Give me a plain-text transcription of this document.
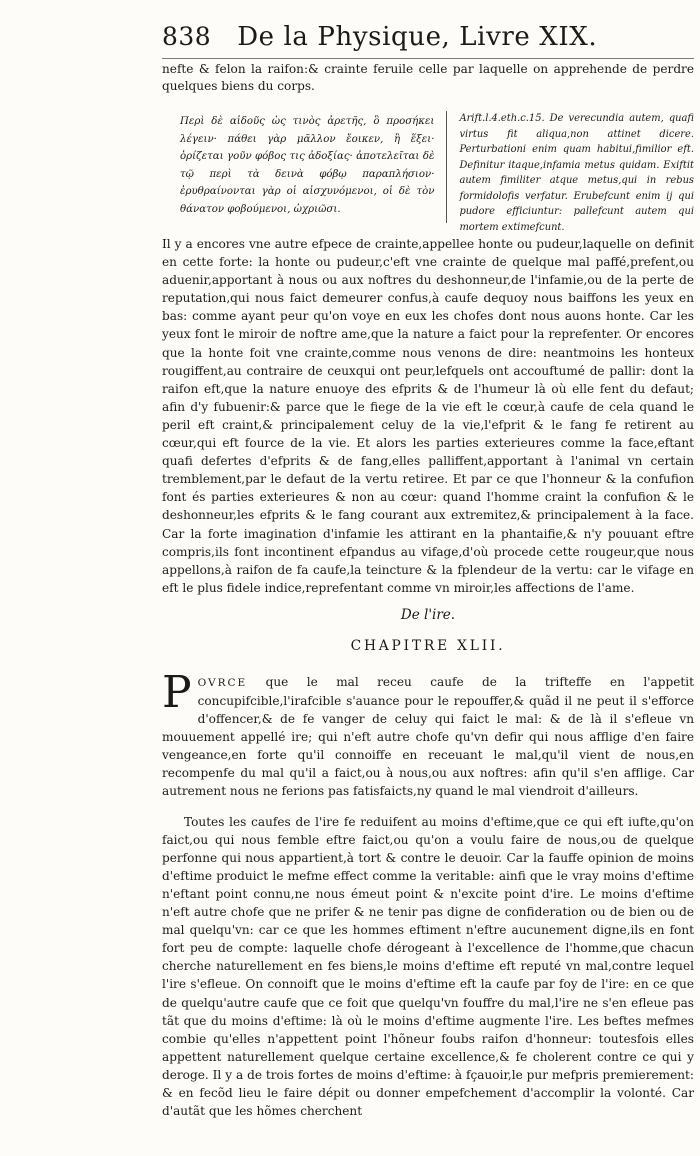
838 De la Physique, Livre XIX.

nefte & felon la raifon:& crainte feruile celle par laquelle on apprehende de perdre quelques biens du corps.

Περὶ δὲ αἰδοῦς ὡς τινὸς ἀρετῆς, ὃ προσήκει λέγειν· πάθει γὰρ μᾶλλον ἔοικεν, ἢ ἕξει· ὁρίζεται γοῦν φόβος τις ἀδοξίας· ἀποτελεῖται δὲ τῷ περὶ τὰ δεινὰ φόβῳ παραπλήσιον· ἐρυθραίνονται γὰρ οἱ αἰσχυνόμενοι, οἱ δὲ τὸν θάνατον φοβούμενοι, ὠχριῶσι.
Arift.l.4.eth.c.15. De verecundia autem, quafi virtus fit aliqua,non attinet dicere. Perturbationi enim quam habitui,fimilior eft. Definitur itaque,infamia metus quidam. Exiftit autem fimiliter atque metus,qui in rebus formidolofis verfatur. Erubefcunt enim ij qui pudore efficiuntur: pallefcunt autem qui mortem extimefcunt.

Il y a encores vne autre efpece de crainte,appellee honte ou pudeur,laquelle on definit en cette forte: la honte ou pudeur,c'eft vne crainte de quelque mal paffé,prefent,ou aduenir,apportant à nous ou aux noftres du deshonneur,de l'infamie,ou de la perte de reputation,qui nous faict demeurer confus,à caufe dequoy nous baiffons les yeux en bas: comme ayant peur qu'on voye en eux les chofes dont nous auons honte. Car les yeux font le miroir de noftre ame,que la nature a faict pour la reprefenter. Or encores que la honte foit vne crainte,comme nous venons de dire: neantmoins les honteux rougiffent,au contraire de ceuxqui ont peur,lefquels ont accouftumé de pallir: dont la raifon eft,que la nature enuoye des efprits & de l'humeur là où elle fent du defaut; afin d'y fubuenir:& parce que le fiege de la vie eft le cœur,à caufe de cela quand le peril eft craint,& principalement celuy de la vie,l'efprit & le fang fe retirent au cœur,qui eft fource de la vie. Et alors les parties exterieures comme la face,eftant quafi defertes d'efprits & de fang,elles palliffent,apportant à l'animal vn certain tremblement,par le defaut de la vertu retiree. Et par ce que l'honneur & la confufion font és parties exterieures & non au cœur: quand l'homme craint la confufion & le deshonneur,les efprits & le fang courant aux extremitez,& principalement à la face. Car la forte imagination d'infamie les attirant en la phantaifie,& n'y pouuant eftre compris,ils font incontinent efpandus au vifage,d'où procede cette rougeur,que nous appellons,à raifon de fa caufe,la teincture & la fplendeur de la vertu: car le vifage en eft le plus fidele indice,reprefentant comme vn miroir,les affections de l'ame.

De l'ire.
CHAPITRE XLII.

P OVRCE que le mal receu caufe de la trifteffe en l'appetit concupifcible,l'irafcible s'auance pour le repouffer,& quãd il ne peut il s'efforce d'offencer,& de fe vanger de celuy qui faict le mal: & de là il s'efleue vn mouuement appellé ire; qui n'eft autre chofe qu'vn defir qui nous afflige d'en faire vengeance,en forte qu'il connoiffe en receuant le mal,qu'il vient de nous,en recompenfe du mal qu'il a faict,ou à nous,ou aux noftres: afin qu'il s'en afflige. Car autrement nous ne ferions pas fatisfaicts,ny quand le mal viendroit d'ailleurs.

Toutes les caufes de l'ire fe reduifent au moins d'eftime,que ce qui eft iufte,qu'on faict,ou qui nous femble eftre faict,ou qu'on a voulu faire de nous,ou de quelque perfonne qui nous appartient,à tort & contre le deuoir. Car la fauffe opinion de moins d'eftime produict le mefme effect comme la veritable: ainfi que le vray moins d'eftime n'eftant point connu,ne nous émeut point & n'excite point d'ire. Le moins d'eftime n'eft autre chofe que ne prifer & ne tenir pas digne de confideration ou de bien ou de mal quelqu'vn: car ce que les hommes eftiment n'eftre aucunement digne,ils en font fort peu de compte: laquelle chofe dérogeant à l'excellence de l'homme,que chacun cherche naturellement en fes biens,le moins d'eftime eft reputé vn mal,contre lequel l'ire s'efleue. On connoift que le moins d'eftime eft la caufe par foy de l'ire: en ce que de quelqu'autre caufe que ce foit que quelqu'vn fouffre du mal,l'ire ne s'en efleue pas tãt que du moins d'eftime: là où le moins d'eftime augmente l'ire. Les beftes mefmes combie qu'elles n'appettent point l'hõneur foubs raifon d'honneur: toutesfois elles appettent naturellement quelque certaine excellence,& fe cholerent contre ce qui y deroge. Il y a de trois fortes de moins d'eftime: à fçauoir,le pur mefpris premierement: & en fecõd lieu le faire dépit ou donner empefchement d'accomplir la volonté. Car d'autãt que les hõmes cherchent
